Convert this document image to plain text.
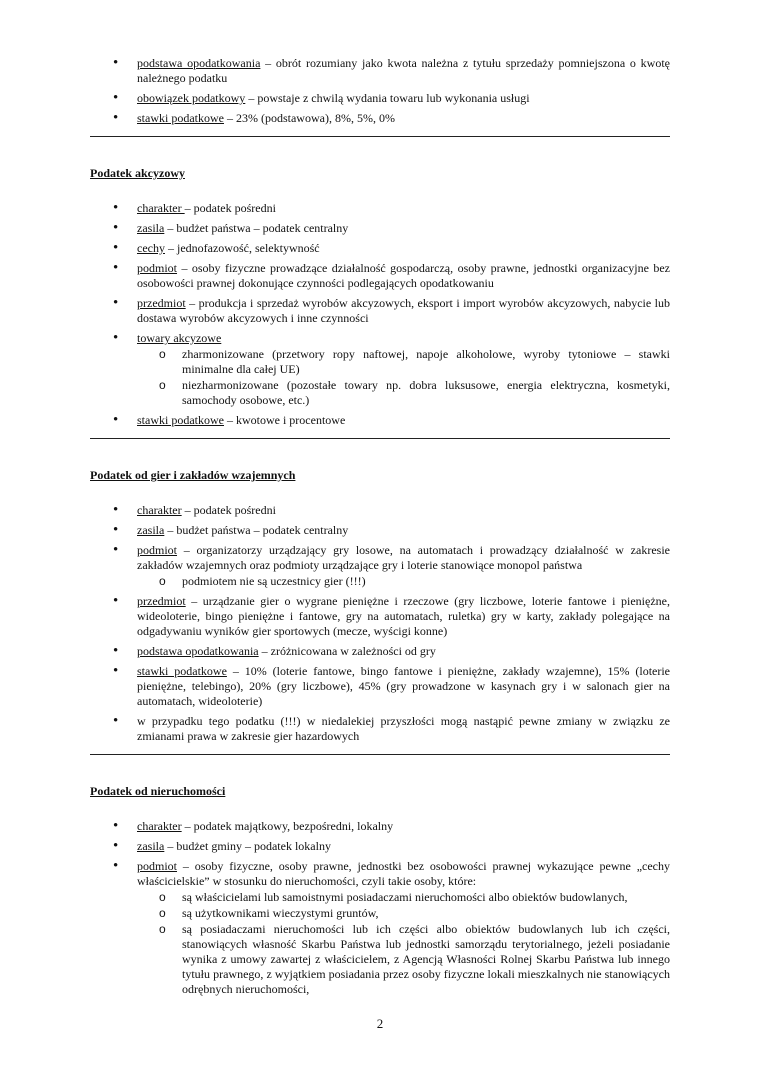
• podstawa opodatkowania – obrót rozumiany jako kwota należna z tytułu sprzedaży pomniejszona o kwotę należnego podatku
• obowiązek podatkowy – powstaje z chwilą wydania towaru lub wykonania usługi
• stawki podatkowe – 23% (podstawowa), 8%, 5%, 0%
Podatek akcyzowy
• charakter – podatek pośredni
• zasila – budżet państwa – podatek centralny
• cechy – jednofazowość, selektywność
• podmiot – osoby fizyczne prowadzące działalność gospodarczą, osoby prawne, jednostki organizacyjne bez osobowości prawnej dokonujące czynności podlegających opodatkowaniu
• przedmiot – produkcja i sprzedaż wyrobów akcyzowych, eksport i import wyrobów akcyzowych, nabycie lub dostawa wyrobów akcyzowych i inne czynności
• towary akcyzowe
o zharmonizowane (przetwory ropy naftowej, napoje alkoholowe, wyroby tytoniowe – stawki minimalne dla całej UE)
o niezharmonizowane (pozostałe towary np. dobra luksusowe, energia elektryczna, kosmetyki, samochody osobowe, etc.)
• stawki podatkowe – kwotowe i procentowe
Podatek od gier i zakładów wzajemnych
• charakter – podatek pośredni
• zasila – budżet państwa – podatek centralny
• podmiot – organizatorzy urządzający gry losowe, na automatach i prowadzący działalność w zakresie zakładów wzajemnych oraz podmioty urządzające gry i loterie stanowiące monopol państwa
o podmiotem nie są uczestnicy gier (!!!)
• przedmiot – urządzanie gier o wygrane pieniężne i rzeczowe (gry liczbowe, loterie fantowe i pieniężne, wideoloterie, bingo pieniężne i fantowe, gry na automatach, ruletka) gry w karty, zakłady polegające na odgadywaniu wyników gier sportowych (mecze, wyścigi konne)
• podstawa opodatkowania – zróżnicowana w zależności od gry
• stawki podatkowe – 10% (loterie fantowe, bingo fantowe i pieniężne, zakłady wzajemne), 15% (loterie pieniężne, telebingo), 20% (gry liczbowe), 45% (gry prowadzone w kasynach gry i w salonach gier na automatach, wideoloterie)
• w przypadku tego podatku (!!!) w niedalekiej przyszłości mogą nastąpić pewne zmiany w związku ze zmianami prawa w zakresie gier hazardowych
Podatek od nieruchomości
• charakter – podatek majątkowy, bezpośredni, lokalny
• zasila – budżet gminy – podatek lokalny
• podmiot – osoby fizyczne, osoby prawne, jednostki bez osobowości prawnej wykazujące pewne „cechy właścicielskie” w stosunku do nieruchomości, czyli takie osoby, które:
o są właścicielami lub samoistnymi posiadaczami nieruchomości albo obiektów budowlanych,
o są użytkownikami wieczystymi gruntów,
o są posiadaczami nieruchomości lub ich części albo obiektów budowlanych lub ich części, stanowiących własność Skarbu Państwa lub jednostki samorządu terytorialnego, jeżeli posiadanie wynika z umowy zawartej z właścicielem, z Agencją Własności Rolnej Skarbu Państwa lub innego tytułu prawnego, z wyjątkiem posiadania przez osoby fizyczne lokali mieszkalnych nie stanowiących odrębnych nieruchomości,
2
